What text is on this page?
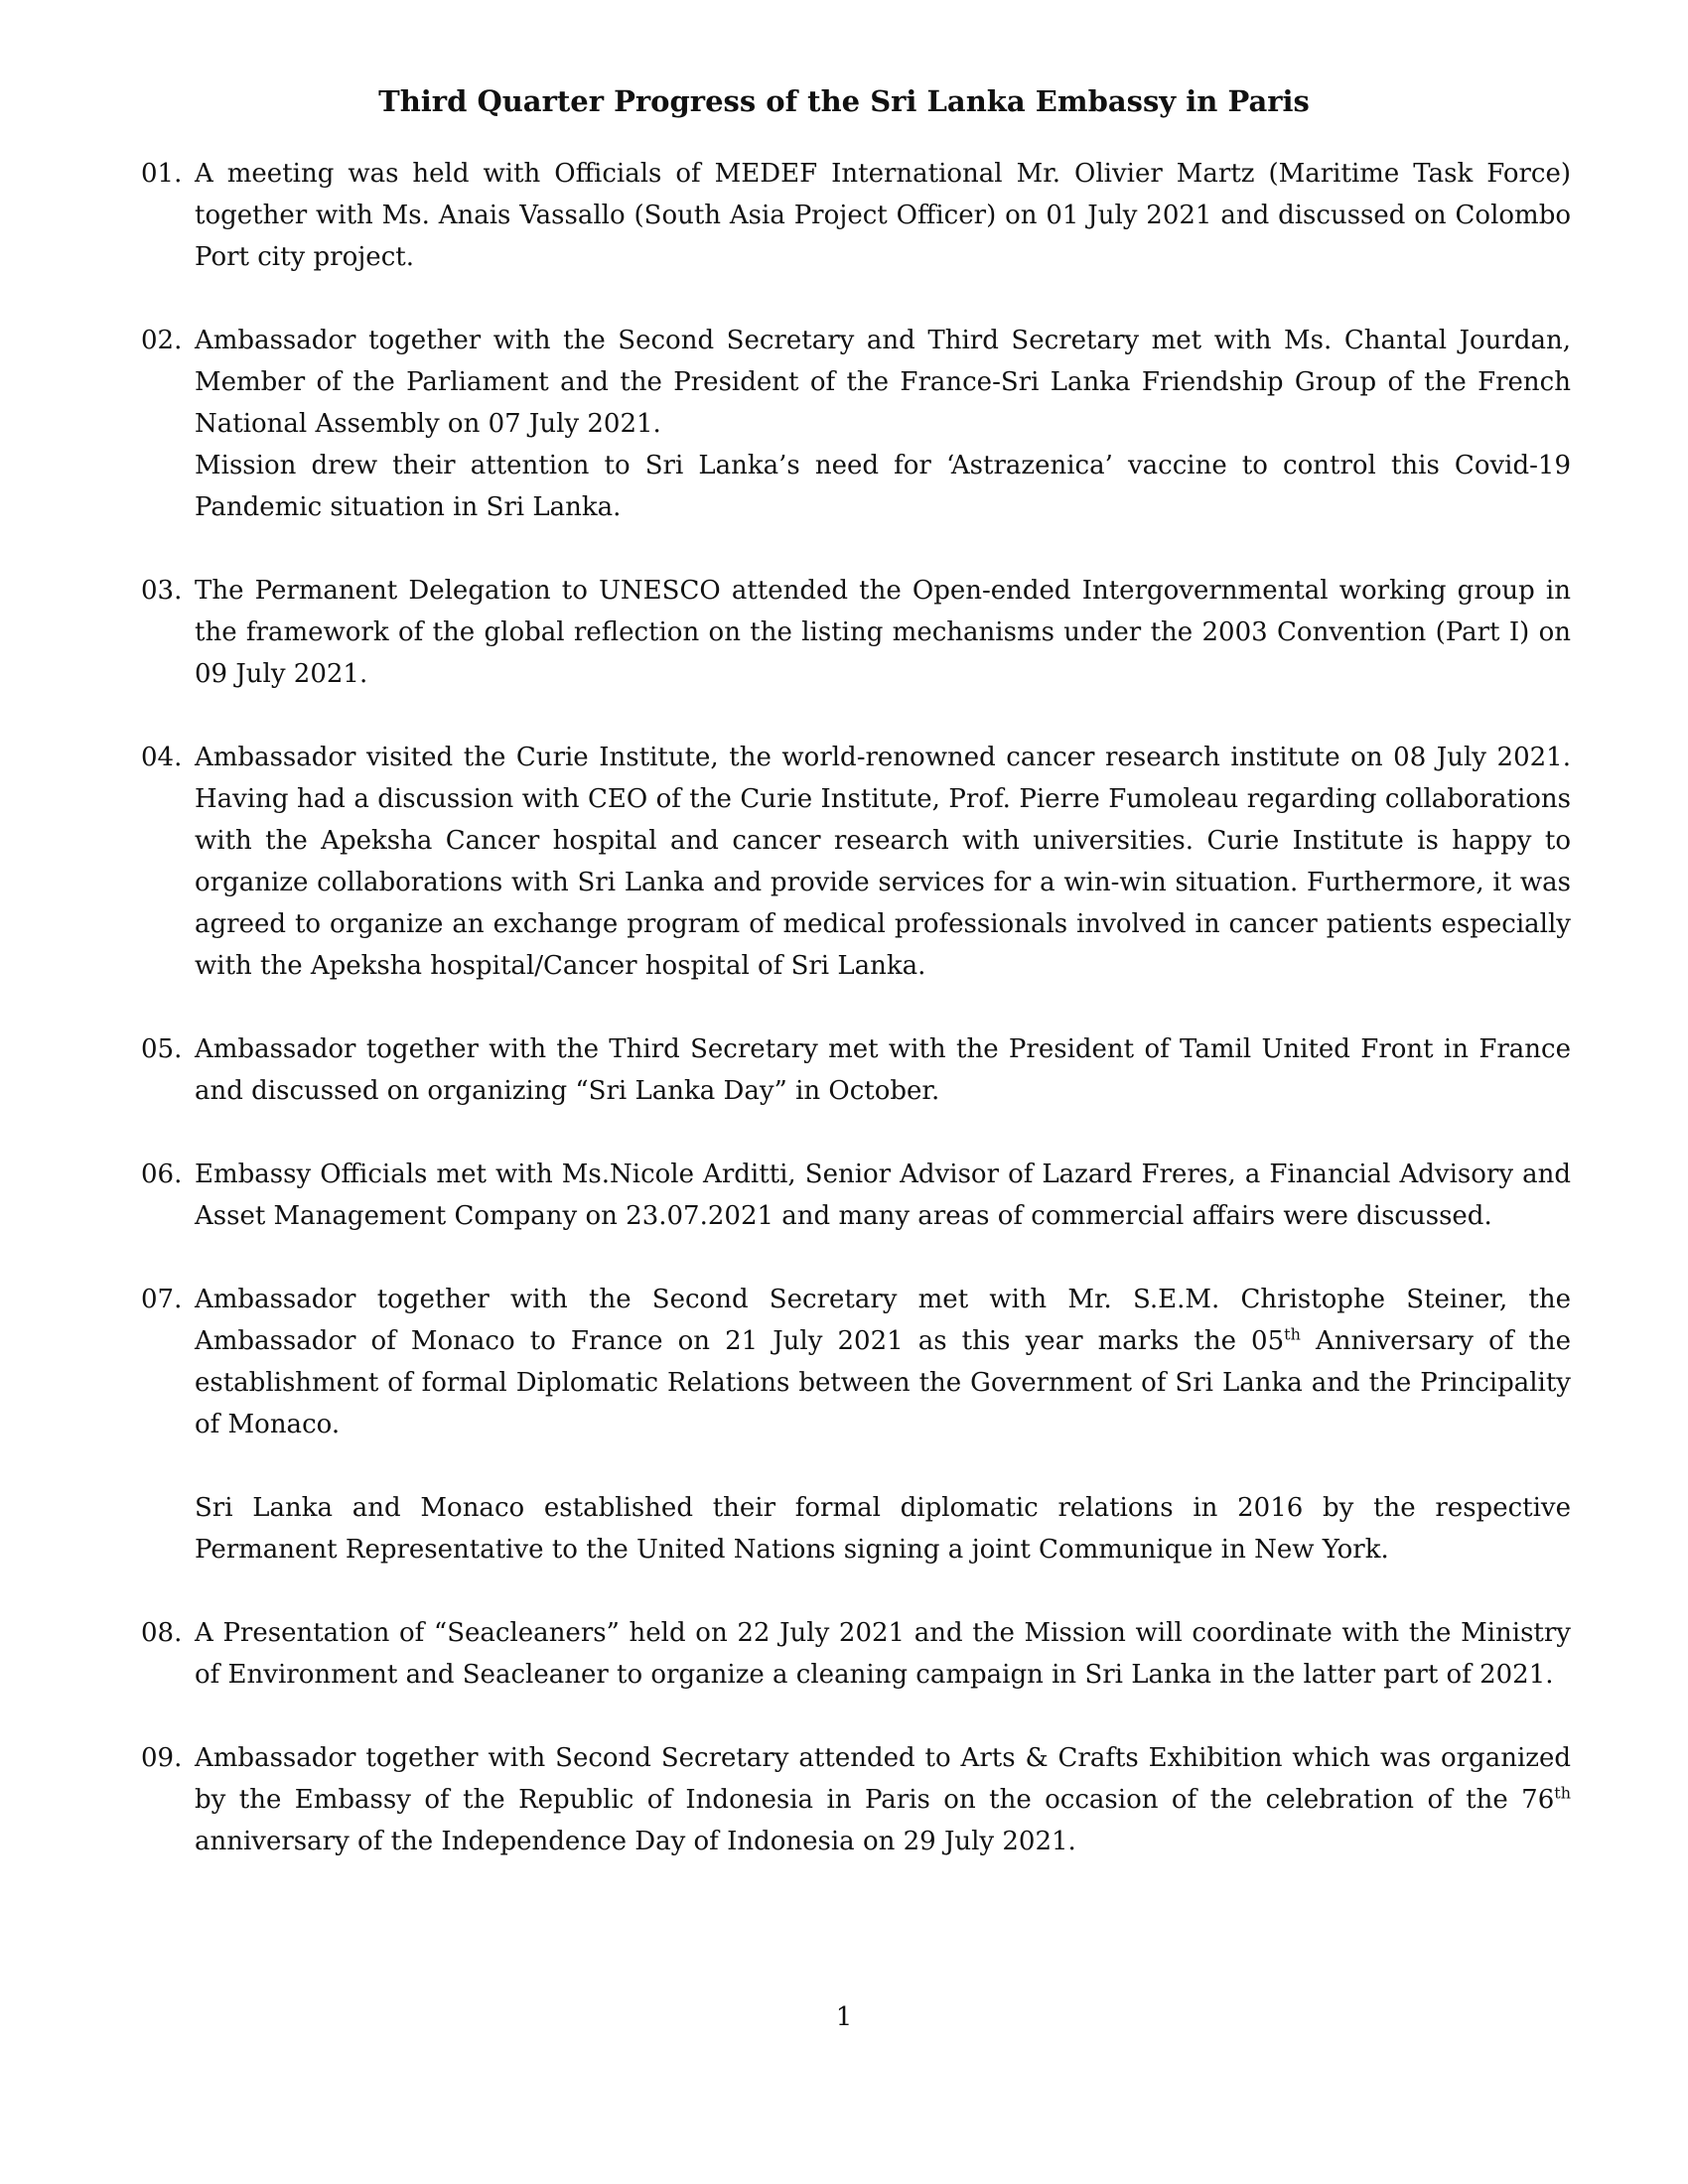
Third Quarter Progress of the Sri Lanka Embassy in Paris
01. A meeting was held with Officials of MEDEF International Mr. Olivier Martz (Maritime Task Force) together with Ms. Anais Vassallo (South Asia Project Officer) on 01 July 2021 and discussed on Colombo Port city project.
02. Ambassador together with the Second Secretary and Third Secretary met with Ms. Chantal Jourdan, Member of the Parliament and the President of the France-Sri Lanka Friendship Group of the French National Assembly on 07 July 2021.
Mission drew their attention to Sri Lanka’s need for ‘Astrazenica’ vaccine to control this Covid-19 Pandemic situation in Sri Lanka.
03. The Permanent Delegation to UNESCO attended the Open-ended Intergovernmental working group in the framework of the global reflection on the listing mechanisms under the 2003 Convention (Part I) on 09 July 2021.
04. Ambassador visited the Curie Institute, the world-renowned cancer research institute on 08 July 2021. Having had a discussion with CEO of the Curie Institute, Prof. Pierre Fumoleau regarding collaborations with the Apeksha Cancer hospital and cancer research with universities. Curie Institute is happy to organize collaborations with Sri Lanka and provide services for a win-win situation. Furthermore, it was agreed to organize an exchange program of medical professionals involved in cancer patients especially with the Apeksha hospital/Cancer hospital of Sri Lanka.
05. Ambassador together with the Third Secretary met with the President of Tamil United Front in France and discussed on organizing “Sri Lanka Day” in October.
06. Embassy Officials met with Ms.Nicole Arditti, Senior Advisor of Lazard Freres, a Financial Advisory and Asset Management Company on 23.07.2021 and many areas of commercial affairs were discussed.
07. Ambassador together with the Second Secretary met with Mr. S.E.M. Christophe Steiner, the Ambassador of Monaco to France on 21 July 2021 as this year marks the 05th Anniversary of the establishment of formal Diplomatic Relations between the Government of Sri Lanka and the Principality of Monaco.
Sri Lanka and Monaco established their formal diplomatic relations in 2016 by the respective Permanent Representative to the United Nations signing a joint Communique in New York.
08. A Presentation of “Seacleaners” held on 22 July 2021 and the Mission will coordinate with the Ministry of Environment and Seacleaner to organize a cleaning campaign in Sri Lanka in the latter part of 2021.
09. Ambassador together with Second Secretary attended to Arts & Crafts Exhibition which was organized by the Embassy of the Republic of Indonesia in Paris on the occasion of the celebration of the 76th anniversary of the Independence Day of Indonesia on 29 July 2021.
1
